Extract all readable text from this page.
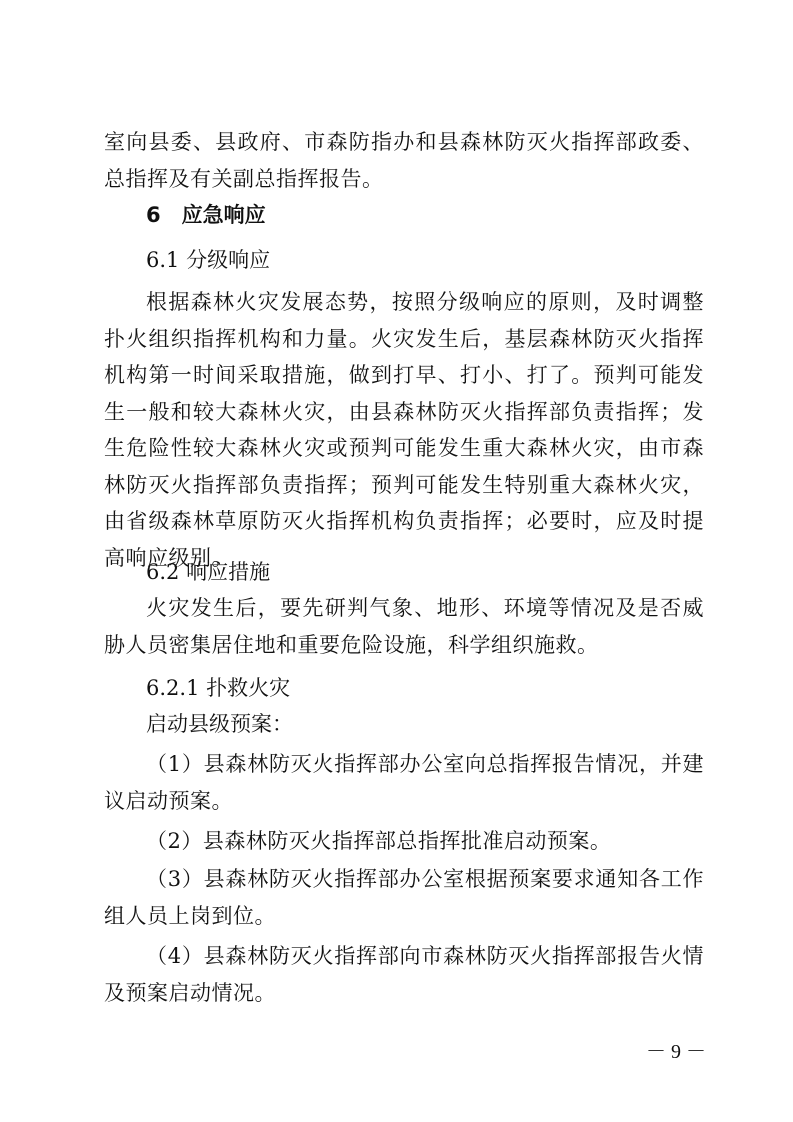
室向县委、县政府、市森防指办和县森林防灭火指挥部政委、总指挥及有关副总指挥报告。

6　应急响应

6.1 分级响应

根据森林火灾发展态势，按照分级响应的原则，及时调整扑火组织指挥机构和力量。火灾发生后，基层森林防灭火指挥机构第一时间采取措施，做到打早、打小、打了。预判可能发生一般和较大森林火灾，由县森林防灭火指挥部负责指挥；发生危险性较大森林火灾或预判可能发生重大森林火灾，由市森林防灭火指挥部负责指挥；预判可能发生特别重大森林火灾，由省级森林草原防灭火指挥机构负责指挥；必要时，应及时提高响应级别。

6.2 响应措施

火灾发生后，要先研判气象、地形、环境等情况及是否威胁人员密集居住地和重要危险设施，科学组织施救。

6.2.1 扑救火灾

启动县级预案：

（1）县森林防灭火指挥部办公室向总指挥报告情况，并建议启动预案。

（2）县森林防灭火指挥部总指挥批准启动预案。

（3）县森林防灭火指挥部办公室根据预案要求通知各工作组人员上岗到位。

（4）县森林防灭火指挥部向市森林防灭火指挥部报告火情及预案启动情况。

－ 9 －
